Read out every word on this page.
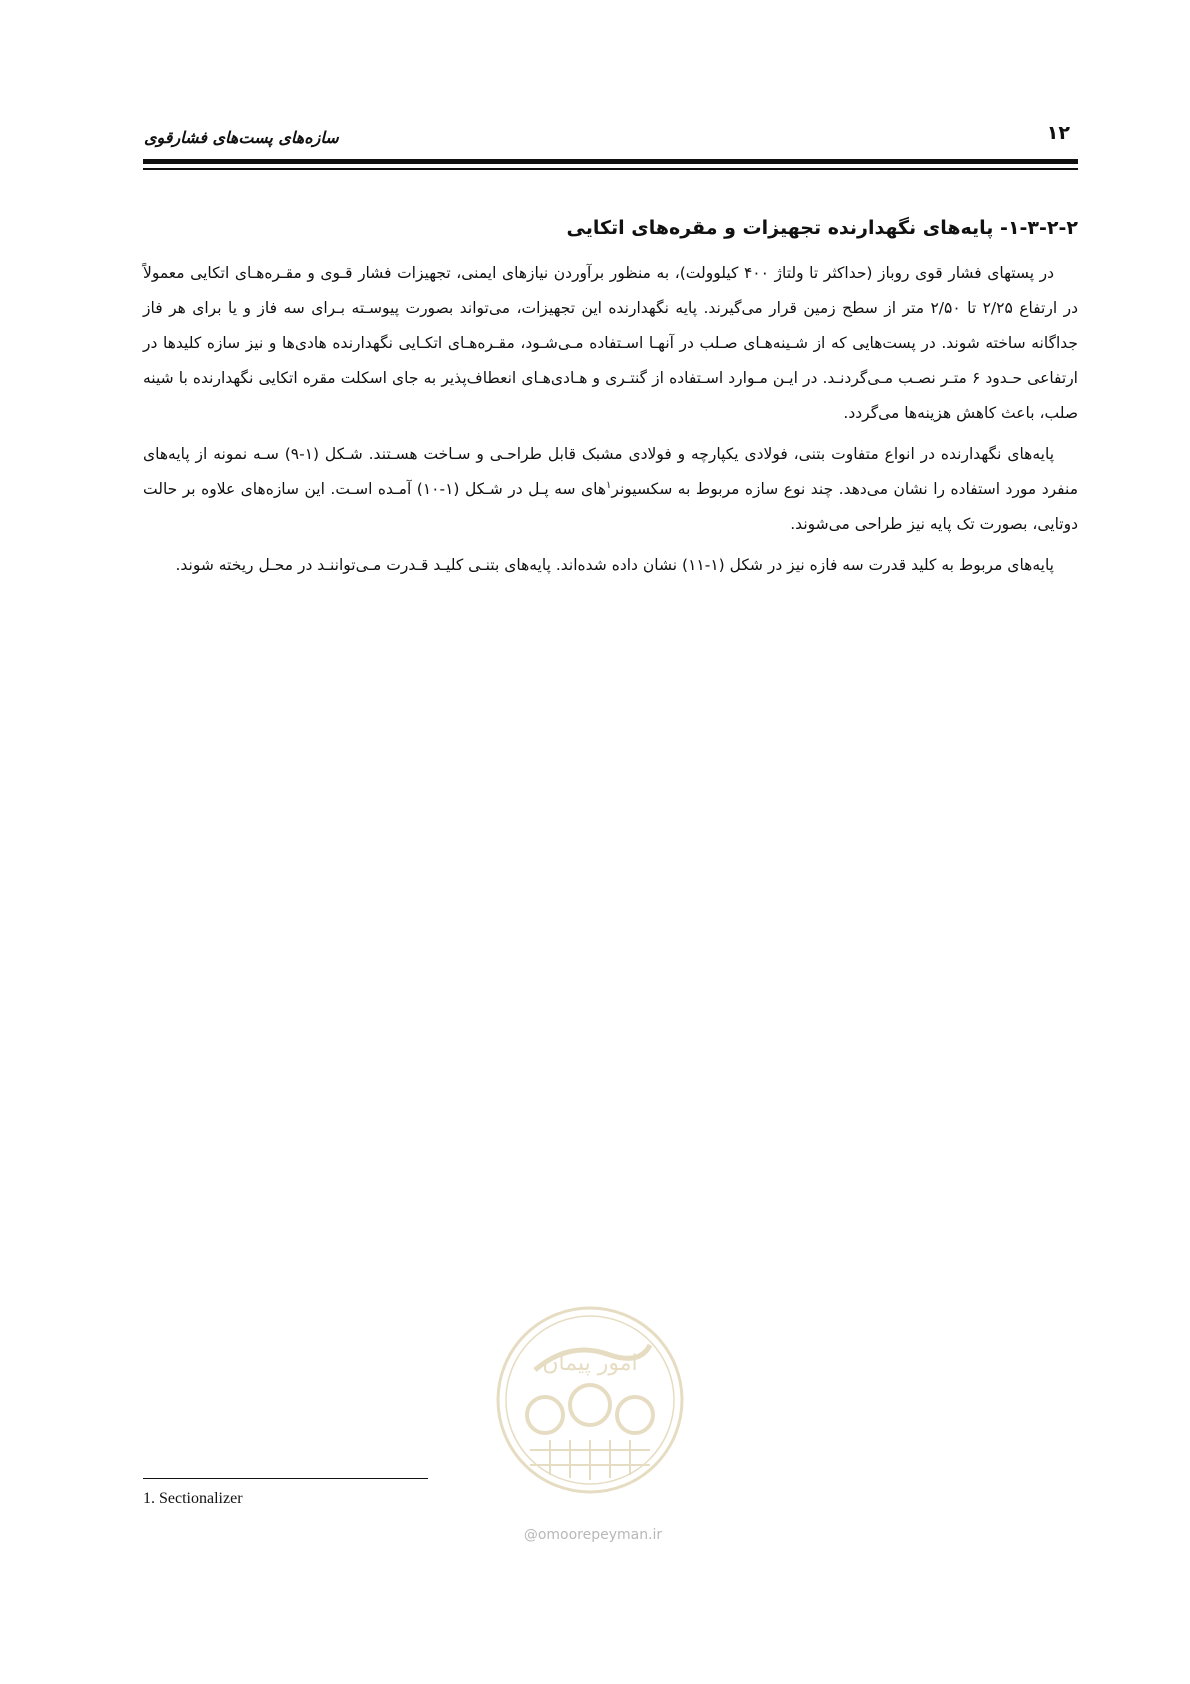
۱۲
سازه‌های پست‌های فشارقوی
۱-۳-۲-۲- پایه‌های نگهدارنده تجهیزات و مقره‌های اتکایی

در پستهای فشار قوی روباز (حداکثر تا ولتاژ ۴۰۰ کیلوولت)، به منظور برآوردن نیازهای ایمنی، تجهیزات فشار قـوی و مقـره‌هـای اتکایی معمولاً در ارتفاع ۲/۲۵ تا ۲/۵۰ متر از سطح زمین قرار می‌گیرند. پایه نگهدارنده این تجهیزات، می‌تواند بصورت پیوسـته بـرای سه فاز و یا برای هر فاز جداگانه ساخته شوند. در پست‌هایی که از شـینه‌هـای صـلب در آنهـا اسـتفاده مـی‌شـود، مقـره‌هـای اتکـایی نگهدارنده هادی‌ها و نیز سازه کلیدها در ارتفاعی حـدود ۶ متـر نصـب مـی‌گردنـد. در ایـن مـوارد اسـتفاده از گنتـری و هـادی‌هـای انعطاف‌پذیر به جای اسکلت مقره اتکایی نگهدارنده با شینه صلب، باعث کاهش هزینه‌ها می‌گردد.

پایه‌های نگهدارنده در انواع متفاوت بتنی، فولادی یکپارچه و فولادی مشبک قابل طراحـی و سـاخت هسـتند. شـکل (۱-۹) سـه نمونه از پایه‌های منفرد مورد استفاده را نشان می‌دهد. چند نوع سازه مربوط به سکسیونر$^۱$های سه پـل در شـکل (۱-۱۰) آمـده اسـت. این سازه‌های علاوه بر حالت دوتایی، بصورت تک پایه نیز طراحی می‌شوند.

پایه‌های مربوط به کلید قدرت سه فازه نیز در شکل (۱-۱۱) نشان داده شده‌اند. پایه‌های بتنـی کلیـد قـدرت مـی‌تواننـد در محـل ریخته شوند.

امور پیمان
@omoorepeyman.ir
1. Sectionalizer
